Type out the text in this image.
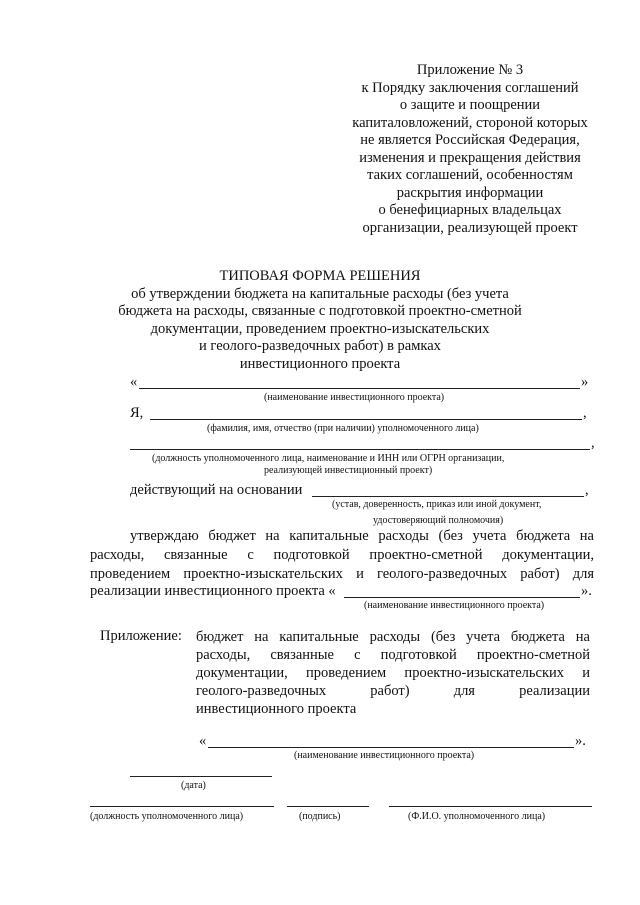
Приложение № 3
к Порядку заключения соглашений
о защите и поощрении
капиталовложений, стороной которых
не является Российская Федерация,
изменения и прекращения действия
таких соглашений, особенностям
раскрытия информации
о бенефициарных владельцах
организации, реализующей проект
ТИПОВАЯ ФОРМА РЕШЕНИЯ
об утверждении бюджета на капитальные расходы (без учета
бюджета на расходы, связанные с подготовкой проектно-сметной
документации, проведением проектно-изыскательских
и геолого-разведочных работ) в рамках
инвестиционного проекта
«	»
(наименование инвестиционного проекта)
Я,	,
(фамилия, имя, отчество (при наличии) уполномоченного лица)
,
(должность уполномоченного лица, наименование и ИНН или ОГРН организации,
реализующей инвестиционный проект)
действующий на основании	,
(устав, доверенность, приказ или иной документ,
удостоверяющий полномочия)
утверждаю бюджет на капитальные расходы (без учета бюджета на
расходы, связанные с подготовкой проектно-сметной документации,
проведением проектно-изыскательских и геолого-разведочных работ) для
реализации инвестиционного проекта «	».
(наименование инвестиционного проекта)
Приложение: бюджет на капитальные расходы (без учета бюджета на
расходы, связанные с подготовкой проектно-сметной
документации, проведением проектно-изыскательских и
геолого-разведочных работ) для реализации
инвестиционного проекта
«	».
(наименование инвестиционного проекта)
(дата)
(должность уполномоченного лица)	(подпись)	(Ф.И.О. уполномоченного лица)
